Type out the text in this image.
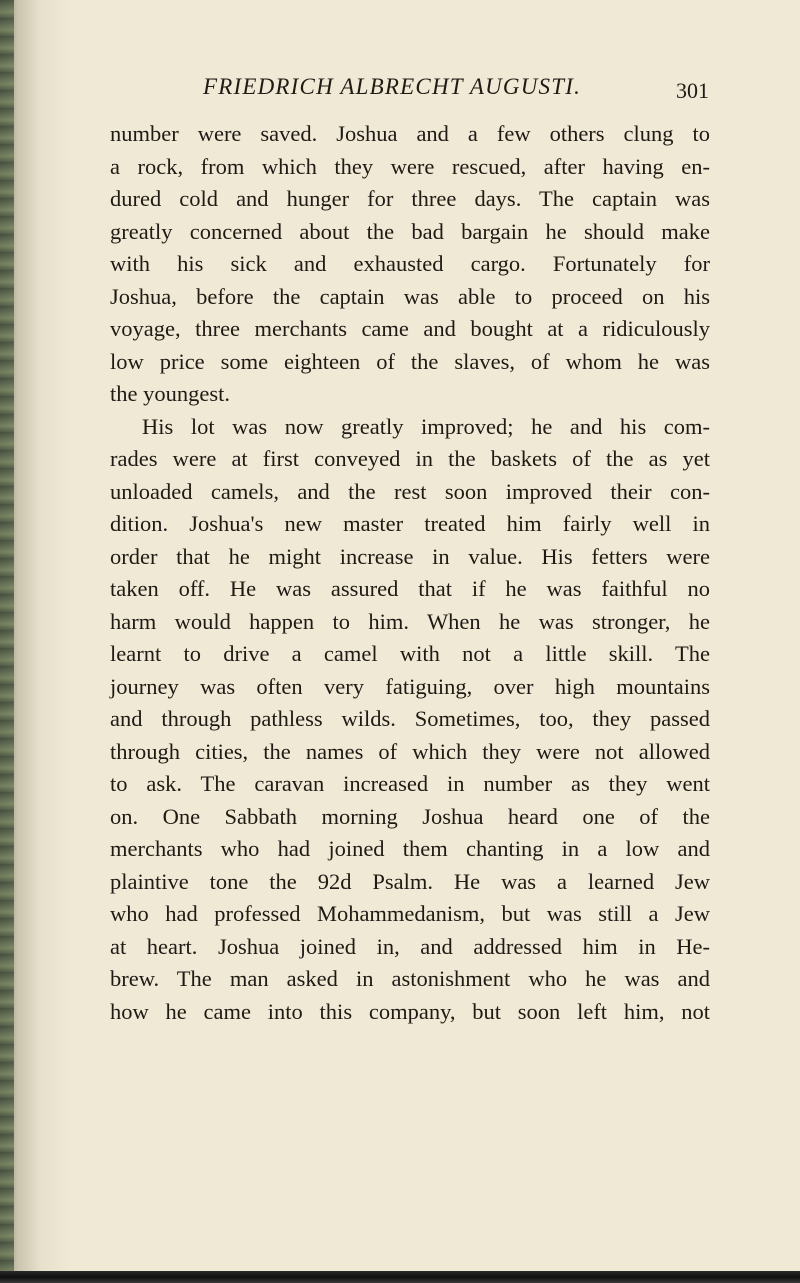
FRIEDRICH ALBRECHT AUGUSTI.	301
number were saved. Joshua and a few others clung to
a rock, from which they were rescued, after having en-
dured cold and hunger for three days. The captain was
greatly concerned about the bad bargain he should make
with his sick and exhausted cargo. Fortunately for
Joshua, before the captain was able to proceed on his
voyage, three merchants came and bought at a ridiculously
low price some eighteen of the slaves, of whom he was
the youngest.
His lot was now greatly improved; he and his com-
rades were at first conveyed in the baskets of the as yet
unloaded camels, and the rest soon improved their con-
dition. Joshua's new master treated him fairly well in
order that he might increase in value. His fetters were
taken off. He was assured that if he was faithful no
harm would happen to him. When he was stronger, he
learnt to drive a camel with not a little skill. The
journey was often very fatiguing, over high mountains
and through pathless wilds. Sometimes, too, they passed
through cities, the names of which they were not allowed
to ask. The caravan increased in number as they went
on. One Sabbath morning Joshua heard one of the
merchants who had joined them chanting in a low and
plaintive tone the 92d Psalm. He was a learned Jew
who had professed Mohammedanism, but was still a Jew
at heart. Joshua joined in, and addressed him in He-
brew. The man asked in astonishment who he was and
how he came into this company, but soon left him, not
